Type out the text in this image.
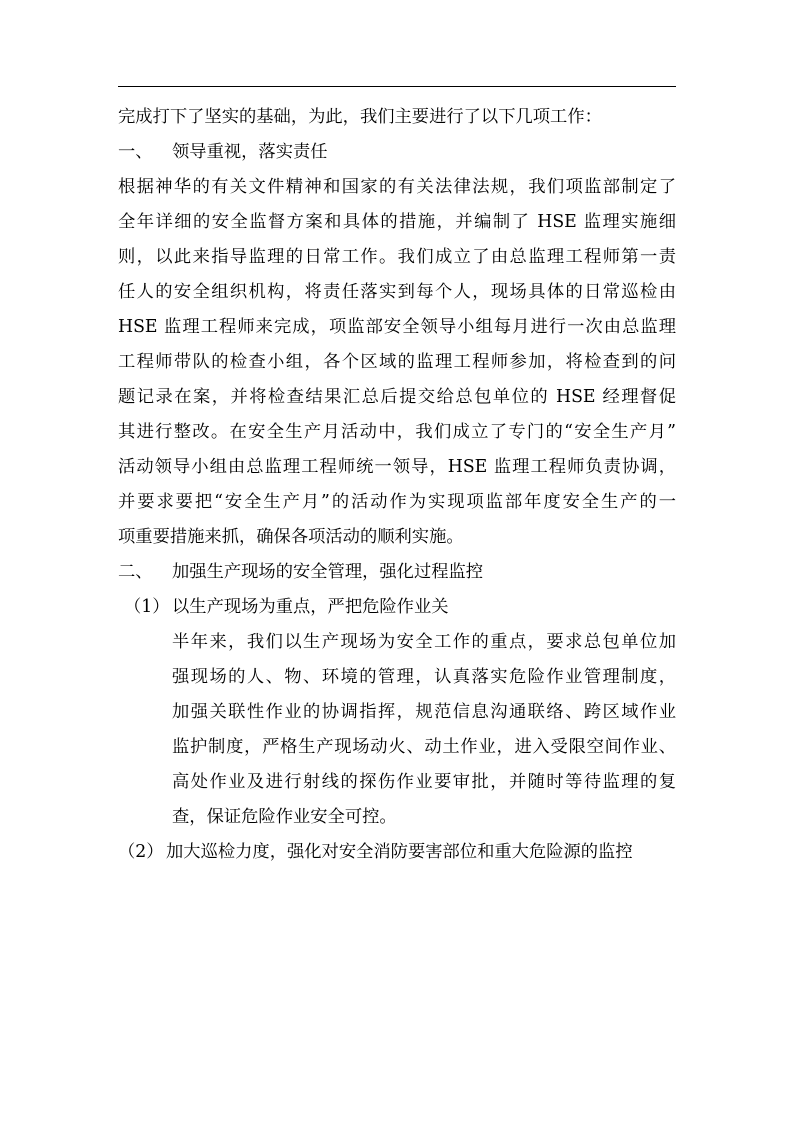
完成打下了坚实的基础，为此，我们主要进行了以下几项工作：
一、 领导重视，落实责任
根据神华的有关文件精神和国家的有关法律法规，我们项监部制定了
全年详细的安全监督方案和具体的措施，并编制了 HSE 监理实施细
则，以此来指导监理的日常工作。我们成立了由总监理工程师第一责
任人的安全组织机构，将责任落实到每个人，现场具体的日常巡检由
HSE 监理工程师来完成，项监部安全领导小组每月进行一次由总监理
工程师带队的检查小组，各个区域的监理工程师参加，将检查到的问
题记录在案，并将检查结果汇总后提交给总包单位的 HSE 经理督促
其进行整改。在安全生产月活动中，我们成立了专门的“安全生产月”
活动领导小组由总监理工程师统一领导，HSE 监理工程师负责协调，
并要求要把“安全生产月”的活动作为实现项监部年度安全生产的一
项重要措施来抓，确保各项活动的顺利实施。
二、 加强生产现场的安全管理，强化过程监控
（1） 以生产现场为重点，严把危险作业关
半年来，我们以生产现场为安全工作的重点，要求总包单位加
强现场的人、物、环境的管理，认真落实危险作业管理制度，
加强关联性作业的协调指挥，规范信息沟通联络、跨区域作业
监护制度，严格生产现场动火、动土作业，进入受限空间作业、
高处作业及进行射线的探伤作业要审批，并随时等待监理的复
查，保证危险作业安全可控。
（2） 加大巡检力度，强化对安全消防要害部位和重大危险源的监控
